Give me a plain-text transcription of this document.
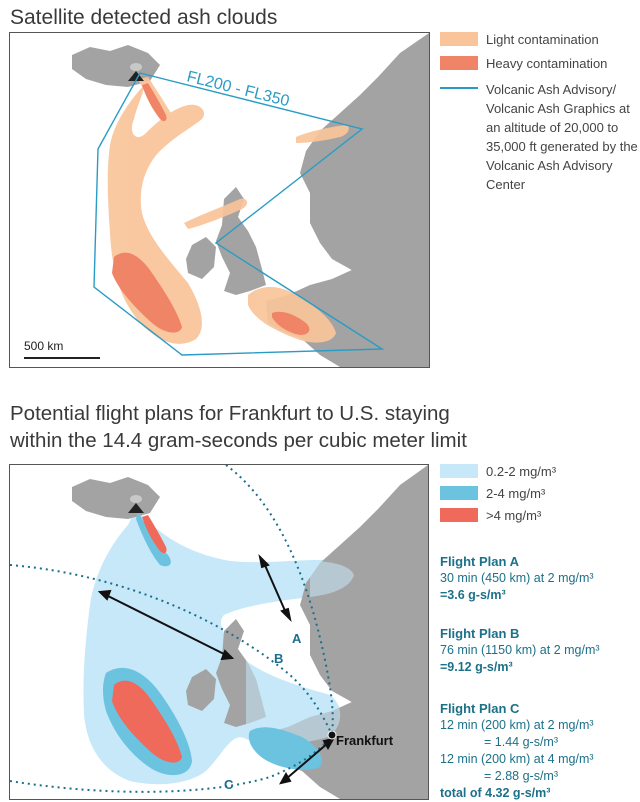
Satellite detected ash clouds
Potential flight plans for Frankfurt to U.S. staying
within the 14.4 gram-seconds per cubic meter limit
FL200 - FL350
500 km
Light contamination
Heavy contamination
Volcanic Ash Advisory/ Volcanic Ash Graphics at an altitude of 20,000 to 35,000 ft generated by the Volcanic Ash Advisory Center
Frankfurt
A
B
C
0.2-2 mg/m³
2-4 mg/m³
>4 mg/m³
Flight Plan A
30 min (450 km) at 2 mg/m³
=3.6 g-s/m³
Flight Plan B
76 min (1150 km) at 2 mg/m³
=9.12 g-s/m³
Flight Plan C
12 min (200 km) at 2 mg/m³
= 1.44 g-s/m³
12 min (200 km) at 4 mg/m³
= 2.88 g-s/m³
total of 4.32 g-s/m³
